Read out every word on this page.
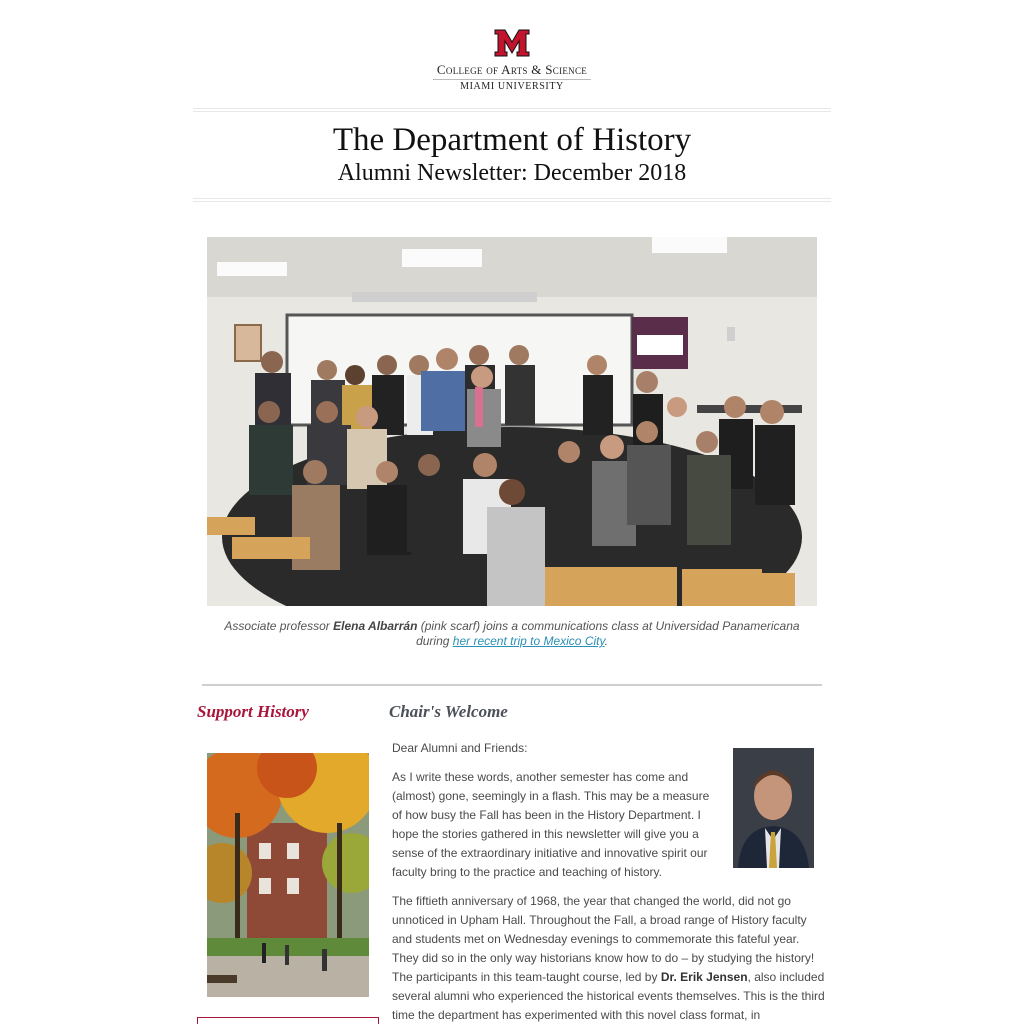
College of Arts & Science
MIAMI UNIVERSITY
The Department of History
Alumni Newsletter: December 2018
Associate professor Elena Albarrán (pink scarf) joins a communications class at Universidad Panamericana during her recent trip to Mexico City.
Support History	Chair's Welcome

Dear Alumni and Friends:

As I write these words, another semester has come and (almost) gone, seemingly in a flash. This may be a measure of how busy the Fall has been in the History Department. I hope the stories gathered in this newsletter will give you a sense of the extraordinary initiative and innovative spirit our faculty bring to the practice and teaching of history.

The fiftieth anniversary of 1968, the year that changed the world, did not go unnoticed in Upham Hall. Throughout the Fall, a broad range of History faculty and students met on Wednesday evenings to commemorate this fateful year. They did so in the only way historians know how to do – by studying the history! The participants in this team-taught course, led by Dr. Erik Jensen, also included several alumni who experienced the historical events themselves. This is the third time the department has experimented with this novel class format, in
